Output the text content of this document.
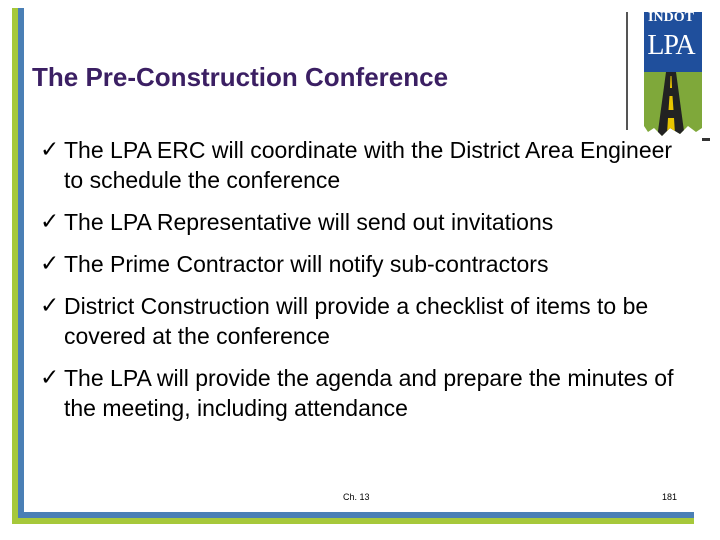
The Pre-Construction Conference
✓ The LPA ERC will coordinate with the District Area Engineer to schedule the conference
✓ The LPA Representative will send out invitations
✓ The Prime Contractor will notify sub-contractors
✓ District Construction will provide a checklist of items to be covered at the conference
✓ The LPA will provide the agenda and prepare the minutes of the meeting, including attendance
INDOT
LPA
Ch. 13	181
